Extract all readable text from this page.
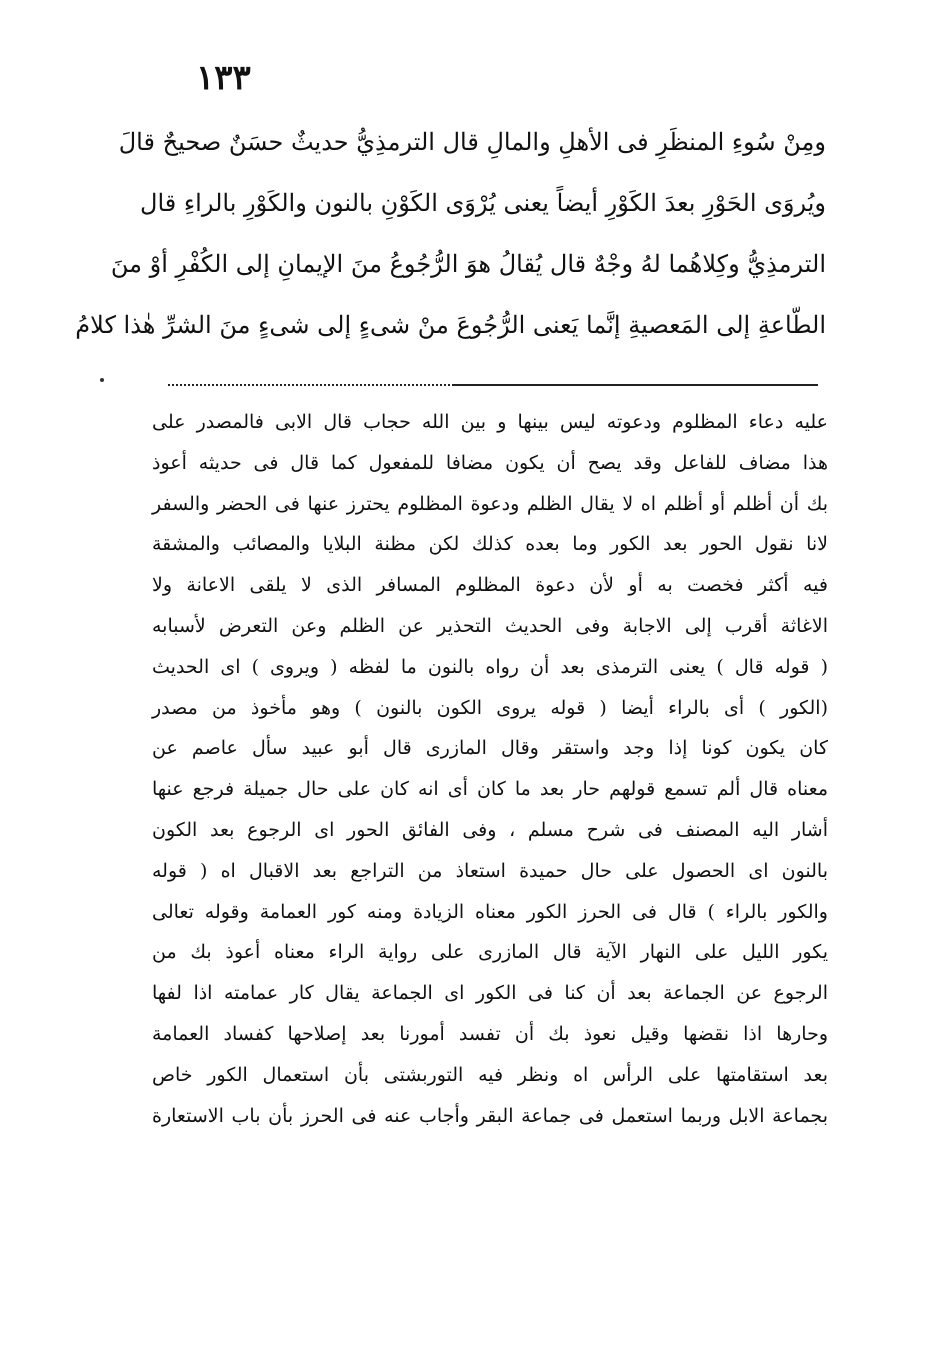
١٣٣
ومِنْ سُوءِ المنظَرِ فى الأهلِ والمالِ قال الترمذِيُّ حديثٌ حسَنٌ صحيحٌ قالَ
ويُروَى الحَوْرِ بعدَ الكَوْرِ أيضاً يعنى يُرْوَى الكَوْنِ بالنون والكَوْرِ بالراءِ قال
الترمذِيُّ وكِلاهُما لهُ وجْهٌ قال يُقالُ هوَ الرُّجُوعُ منَ الإيمانِ إلى الكُفْرِ أوْ منَ
الطّاعةِ إلى المَعصيةِ إنَّما يَعنى الرُّجُوعَ منْ شىءٍ إلى شىءٍ منَ الشرِّ هٰذا كلامُ
عليه دعاء المظلوم ودعوته ليس بينها و بين الله حجاب قال الابى فالمصدر على
هذا مضاف للفاعل وقد يصح أن يكون مضافا للمفعول كما قال فى حديثه أعوذ
بك أن أظلم أو أظلم اه لا يقال الظلم ودعوة المظلوم يحترز عنها فى الحضر والسفر
لانا نقول الحور بعد الكور وما بعده كذلك لكن مظنة البلايا والمصائب والمشقة
فيه أكثر فخصت به أو لأن دعوة المظلوم المسافر الذى لا يلقى الاعانة ولا
الاغاثة أقرب إلى الاجابة وفى الحديث التحذير عن الظلم وعن التعرض لأسبابه
( قوله قال ) يعنى الترمذى بعد أن رواه بالنون ما لفظه ( ويروى ) اى الحديث
(الكور ) أى بالراء أيضا ( قوله يروى الكون بالنون ) وهو مأخوذ من مصدر
كان يكون كونا إذا وجد واستقر وقال المازرى قال أبو عبيد سأل عاصم عن
معناه قال ألم تسمع قولهم حار بعد ما كان أى انه كان على حال جميلة فرجع عنها
أشار اليه المصنف فى شرح مسلم ، وفى الفائق الحور اى الرجوع بعد الكون
بالنون اى الحصول على حال حميدة استعاذ من التراجع بعد الاقبال اه ( قوله
والكور بالراء ) قال فى الحرز الكور معناه الزيادة ومنه كور العمامة وقوله تعالى
يكور الليل على النهار الآية قال المازرى على رواية الراء معناه أعوذ بك من
الرجوع عن الجماعة بعد أن كنا فى الكور اى الجماعة يقال كار عمامته اذا لفها
وحارها اذا نقضها وقيل نعوذ بك أن تفسد أمورنا بعد إصلاحها كفساد العمامة
بعد استقامتها على الرأس اه ونظر فيه التوربشتى بأن استعمال الكور خاص
بجماعة الابل وربما استعمل فى جماعة البقر وأجاب عنه فى الحرز بأن باب الاستعارة
